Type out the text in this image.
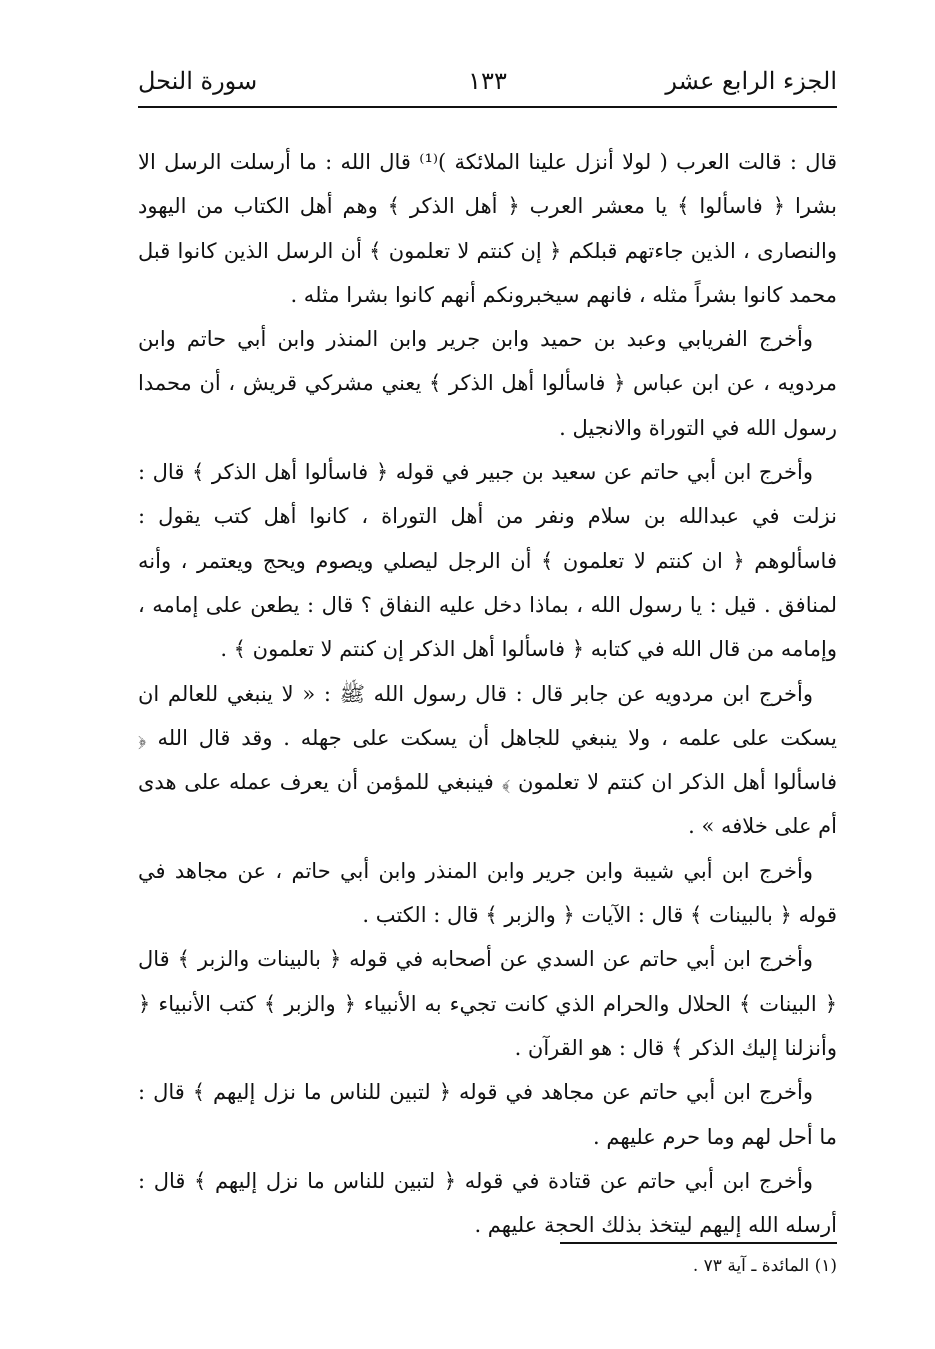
الجزء الرابع عشر
١٣٣
سورة النحل

قال : قالت العرب ( لولا أنزل علينا الملائكة )⁽¹⁾ قال الله : ما أرسلت الرسل الا بشرا ﴿ فاسألوا ﴾ يا معشر العرب ﴿ أهل الذكر ﴾ وهم أهل الكتاب من اليهود والنصارى ، الذين جاءتهم قبلكم ﴿ إن كنتم لا تعلمون ﴾ أن الرسل الذين كانوا قبل محمد كانوا بشراً مثله ، فانهم سيخبرونكم أنهم كانوا بشرا مثله .

وأخرج الفريابي وعبد بن حميد وابن جرير وابن المنذر وابن أبي حاتم وابن مردويه ، عن ابن عباس ﴿ فاسألوا أهل الذكر ﴾ يعني مشركي قريش ، أن محمدا رسول الله في التوراة والانجيل .

وأخرج ابن أبي حاتم عن سعيد بن جبير في قوله ﴿ فاسألوا أهل الذكر ﴾ قال : نزلت في عبدالله بن سلام ونفر من أهل التوراة ، كانوا أهل كتب يقول : فاسألوهم ﴿ ان كنتم لا تعلمون ﴾ أن الرجل ليصلي ويصوم ويحج ويعتمر ، وأنه لمنافق . قيل : يا رسول الله ، بماذا دخل عليه النفاق ؟ قال : يطعن على إمامه ، وإمامه من قال الله في كتابه ﴿ فاسألوا أهل الذكر إن كنتم لا تعلمون ﴾ .

وأخرج ابن مردويه عن جابر قال : قال رسول الله ﷺ : « لا ينبغي للعالم ان يسكت على علمه ، ولا ينبغي للجاهل أن يسكت على جهله . وقد قال الله ﴿ فاسألوا أهل الذكر ان كنتم لا تعلمون ﴾ فينبغي للمؤمن أن يعرف عمله على هدى أم على خلافه » .

وأخرج ابن أبي شيبة وابن جرير وابن المنذر وابن أبي حاتم ، عن مجاهد في قوله ﴿ بالبينات ﴾ قال : الآيات ﴿ والزبر ﴾ قال : الكتب .

وأخرج ابن أبي حاتم عن السدي عن أصحابه في قوله ﴿ بالبينات والزبر ﴾ قال ﴿ البينات ﴾ الحلال والحرام الذي كانت تجيء به الأنبياء ﴿ والزبر ﴾ كتب الأنبياء ﴿ وأنزلنا إليك الذكر ﴾ قال : هو القرآن .

وأخرج ابن أبي حاتم عن مجاهد في قوله ﴿ لتبين للناس ما نزل إليهم ﴾ قال : ما أحل لهم وما حرم عليهم .

وأخرج ابن أبي حاتم عن قتادة في قوله ﴿ لتبين للناس ما نزل إليهم ﴾ قال : أرسله الله إليهم ليتخذ بذلك الحجة عليهم .

(١) المائدة ـ آية ٧٣ .
